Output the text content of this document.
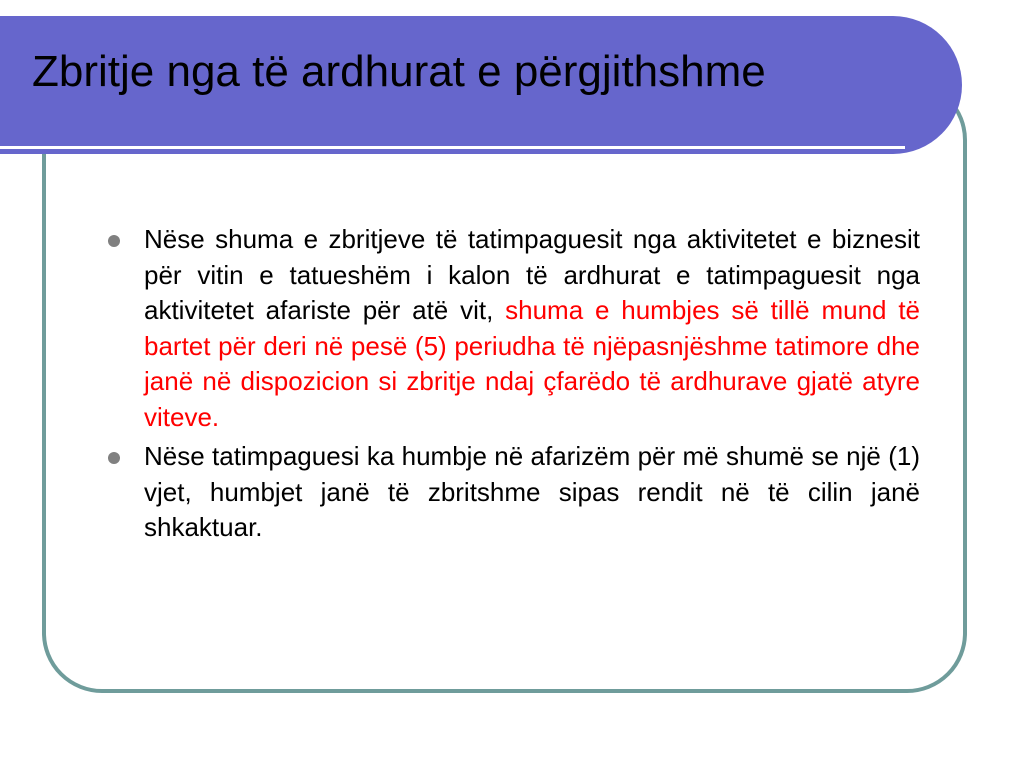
Zbritje nga të ardhurat e përgjithshme
Nëse shuma e zbritjeve të tatimpaguesit nga aktivitetet e biznesit për vitin e tatueshëm i kalon të ardhurat e tatimpaguesit nga aktivitetet afariste për atë vit, shuma e humbjes së tillë mund të bartet për deri në pesë (5) periudha të njëpasnjëshme tatimore dhe janë në dispozicion si zbritje ndaj çfarëdo të ardhurave gjatë atyre viteve.
Nëse tatimpaguesi ka humbje në afarizëm për më shumë se një (1) vjet, humbjet janë të zbritshme sipas rendit në të cilin janë shkaktuar.
